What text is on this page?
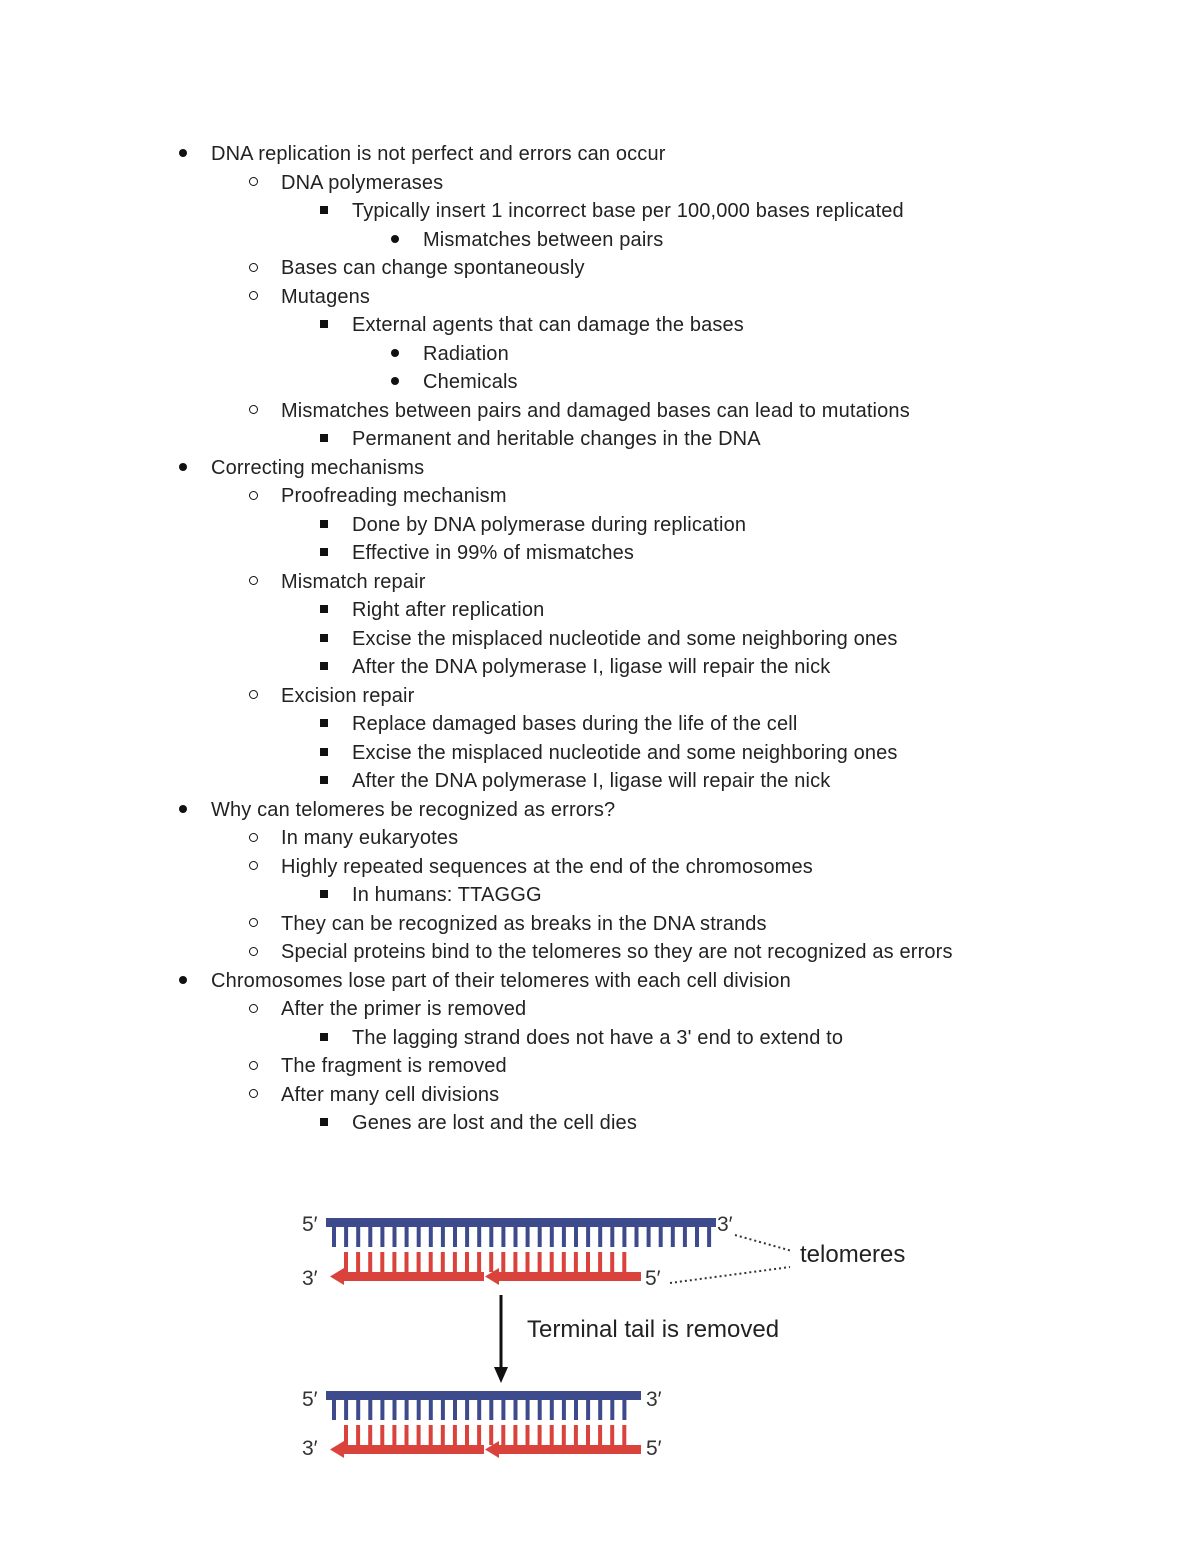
DNA replication is not perfect and errors can occur
DNA polymerases
Typically insert 1 incorrect base per 100,000 bases replicated
Mismatches between pairs
Bases can change spontaneously
Mutagens
External agents that can damage the bases
Radiation
Chemicals
Mismatches between pairs and damaged bases can lead to mutations
Permanent and heritable changes in the DNA
Correcting mechanisms
Proofreading mechanism
Done by DNA polymerase during replication
Effective in 99% of mismatches
Mismatch repair
Right after replication
Excise the misplaced nucleotide and some neighboring ones
After the DNA polymerase I, ligase will repair the nick
Excision repair
Replace damaged bases during the life of the cell
Excise the misplaced nucleotide and some neighboring ones
After the DNA polymerase I, ligase will repair the nick
Why can telomeres be recognized as errors?
In many eukaryotes
Highly repeated sequences at the end of the chromosomes
In humans: TTAGGG
They can be recognized as breaks in the DNA strands
Special proteins bind to the telomeres so they are not recognized as errors
Chromosomes lose part of their telomeres with each cell division
After the primer is removed
The lagging strand does not have a 3' end to extend to
The fragment is removed
After many cell divisions
Genes are lost and the cell dies
5′	3′
3′	5′
telomeres
Terminal tail is removed
5′	3′
3′	5′
